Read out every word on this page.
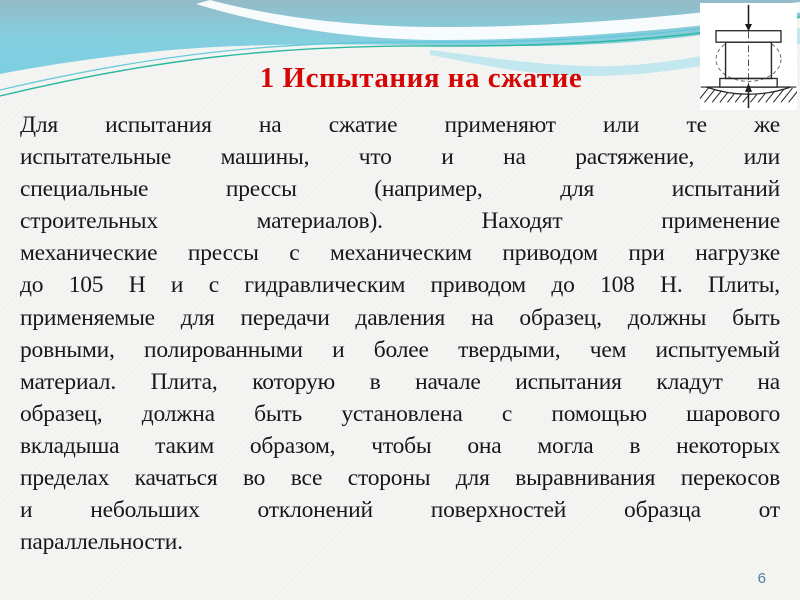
1 Испытания на сжатие
Для испытания на сжатие применяют или те же
испытательные машины, что и на растяжение, или
специальные прессы (например, для испытаний
строительных материалов). Находят применение
механические прессы с механическим приводом при нагрузке
до 105 Н и с гидравлическим приводом до 108 Н. Плиты,
применяемые для передачи давления на образец, должны быть
ровными, полированными и более твердыми, чем испытуемый
материал. Плита, которую в начале испытания кладут на
образец, должна быть установлена с помощью шарового
вкладыша таким образом, чтобы она могла в некоторых
пределах качаться во все стороны для выравнивания перекосов
и небольших отклонений поверхностей образца от
параллельности.
6
